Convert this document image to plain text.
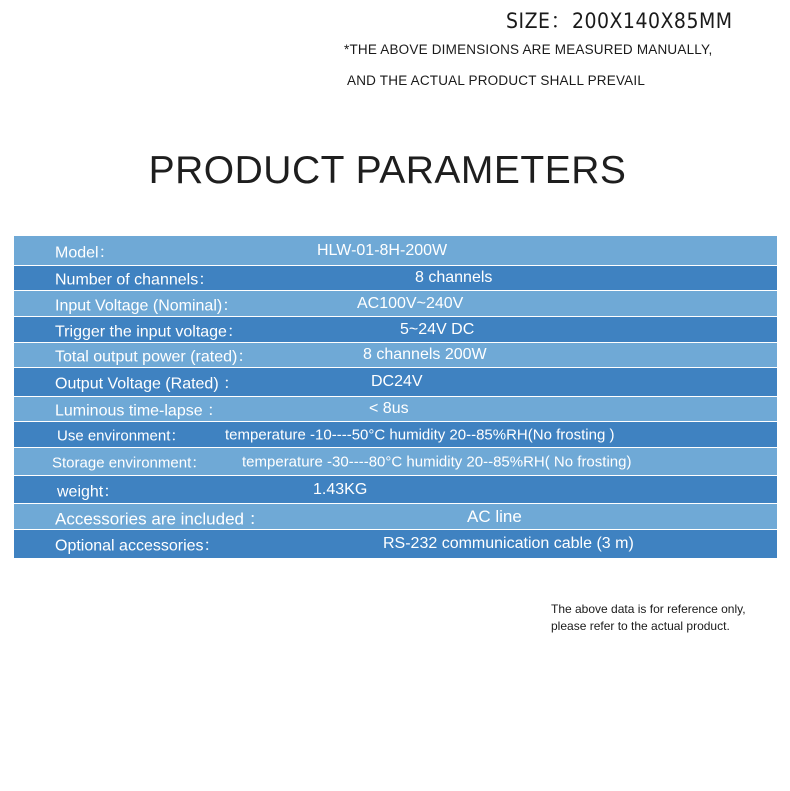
SIZE：200X140X85MM
*THE ABOVE DIMENSIONS ARE MEASURED MANUALLY,
AND THE ACTUAL PRODUCT SHALL PREVAIL
PRODUCT PARAMETERS
Model：	HLW-01-8H-200W
Number of channels：	8 channels
Input Voltage (Nominal)：	AC100V~240V
Trigger the input voltage：	5~24V DC
Total output power (rated)：	8 channels 200W
Output Voltage (Rated) ：	DC24V
Luminous time-lapse ：	< 8us
Use environment：	temperature -10----50°C humidity 20--85%RH(No frosting )
Storage environment： temperature -30----80°C humidity 20--85%RH( No frosting)
weight：	1.43KG
Accessories are included ：	AC line
Optional accessories：	RS-232 communication cable (3 m)
The above data is for reference only,
please refer to the actual product.
